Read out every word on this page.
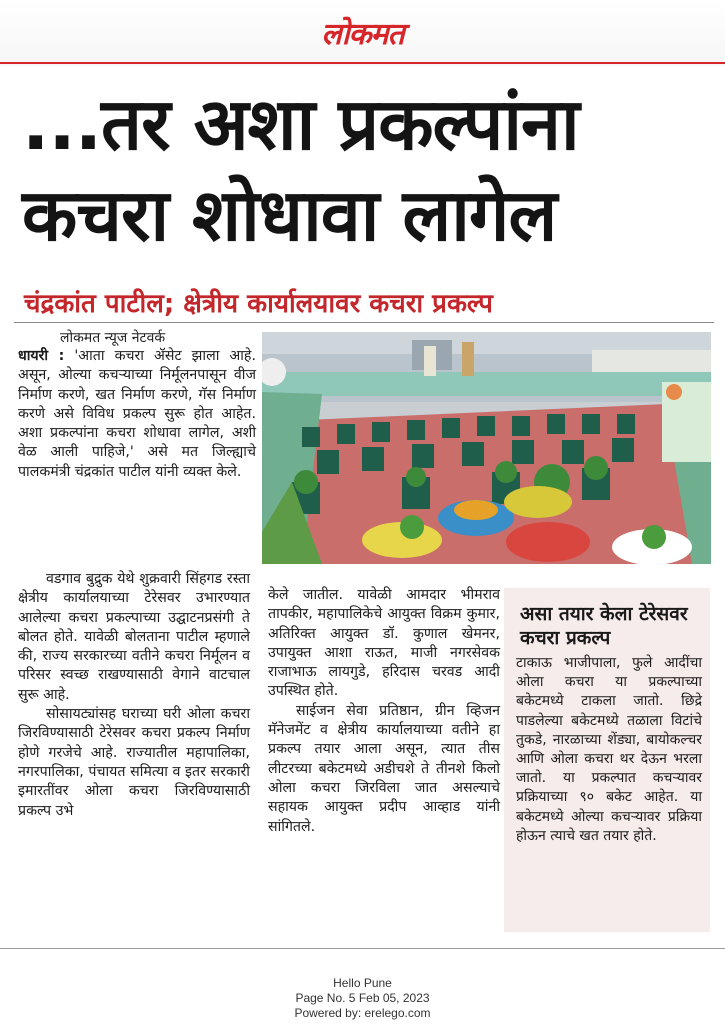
लोकमत
...तर अशा प्रकल्पांना
कचरा शोधावा लागेल
चंद्रकांत पाटील; क्षेत्रीय कार्यालयावर कचरा प्रकल्प
लोकमत न्यूज नेटवर्क

धायरी : 'आता कचरा ॲसेट झाला आहे. असून, ओल्या कचऱ्याच्या निर्मूलनपासून वीज निर्माण करणे, खत निर्माण करणे, गॅस निर्माण करणे असे विविध प्रकल्प सुरू होत आहेत. अशा प्रकल्पांना कचरा शोधावा लागेल, अशी वेळ आली पाहिजे,' असे मत जिल्ह्याचे पालकमंत्री चंद्रकांत पाटील यांनी व्यक्त केले.

वडगाव बुद्रुक येथे शुक्रवारी सिंहगड रस्ता क्षेत्रीय कार्यालयाच्या टेरेसवर उभारण्यात आलेल्या कचरा प्रकल्पाच्या उद्घाटनप्रसंगी ते बोलत होते. यावेळी बोलताना पाटील म्हणाले की, राज्य सरकारच्या वतीने कचरा निर्मूलन व परिसर स्वच्छ राखण्यासाठी वेगाने वाटचाल सुरू आहे.

सोसायट्यांसह घराच्या घरी ओला कचरा जिरविण्यासाठी टेरेसवर कचरा प्रकल्प निर्माण होणे गरजेचे आहे. राज्यातील महापालिका, नगरपालिका, पंचायत समित्या व इतर सरकारी इमारतींवर ओला कचरा जिरविण्यासाठी प्रकल्प उभे

केले जातील. यावेळी आमदार भीमराव तापकीर, महापालिकेचे आयुक्त विक्रम कुमार, अतिरिक्त आयुक्त डॉ. कुणाल खेमनर, उपायुक्त आशा राऊत, माजी नगरसेवक राजाभाऊ लायगुडे, हरिदास चरवड आदी उपस्थित होते.

साईजन सेवा प्रतिष्ठान, ग्रीन व्हिजन मॅनेजमेंट व क्षेत्रीय कार्यालयाच्या वतीने हा प्रकल्प तयार आला असून, त्यात तीस लीटरच्या बकेटमध्ये अडीचशे ते तीनशे किलो ओला कचरा जिरविला जात असल्याचे सहायक आयुक्त प्रदीप आव्हाड यांनी सांगितले.

असा तयार केला टेरेसवर कचरा प्रकल्प
टाकाऊ भाजीपाला, फुले आदींचा ओला कचरा या प्रकल्पाच्या बकेटमध्ये टाकला जातो. छिद्रे पाडलेल्या बकेटमध्ये तळाला विटांचे तुकडे, नारळाच्या शेंड्या, बायोकल्चर आणि ओला कचरा थर देऊन भरला जातो. या प्रकल्पात कचऱ्यावर प्रक्रियाच्या ९० बकेट आहेत. या बकेटमध्ये ओल्या कचऱ्यावर प्रक्रिया होऊन त्याचे खत तयार होते.
Hello Pune
Page No. 5 Feb 05, 2023
Powered by: erelego.com
